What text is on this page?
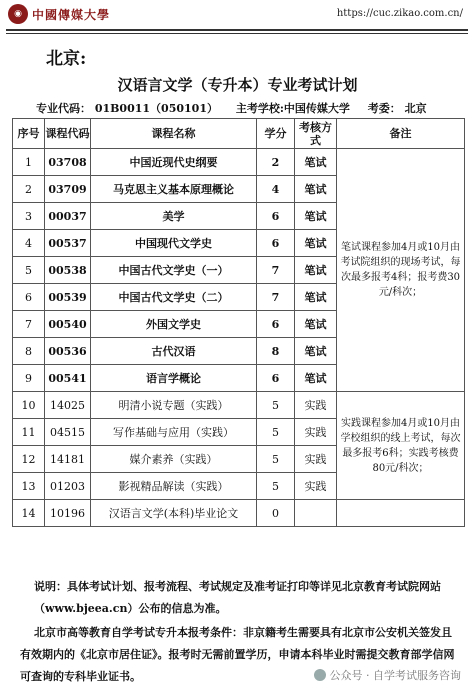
◉ 中國傳媒大學	https://cuc.zikao.com.cn/
北京:
汉语言文学（专升本）专业考试计划
专业代码： 01B0011（050101） 主考学校:中国传媒大学 考委： 北京
序号	课程代码	课程名称	学分	考核方式	备注
1	03708	中国近现代史纲要	2	笔试	笔试课程参加4月或10月由考试院组织的现场考试，每次最多报考4科；报考费30元/科次；
2	03709	马克思主义基本原理概论	4	笔试	
3	00037	美学	6	笔试	
4	00537	中国现代文学史	6	笔试	
5	00538	中国古代文学史（一）	7	笔试	
6	00539	中国古代文学史（二）	7	笔试	
7	00540	外国文学史	6	笔试	
8	00536	古代汉语	8	笔试	
9	00541	语言学概论	6	笔试	
10	14025	明清小说专题（实践）	5	实践	实践课程参加4月或10月由学校组织的线上考试，每次最多报考6科；实践考核费80元/科次；
11	04515	写作基础与应用（实践）	5	实践	
12	14181	媒介素养（实践）	5	实践	
13	01203	影视精品解读（实践）	5	实践	
14	10196	汉语言文学(本科)毕业论文	0		
说明：具体考试计划、报考流程、考试规定及准考证打印等详见北京教育考试院网站（www.bjeea.cn）公布的信息为准。
北京市高等教育自学考试专升本报考条件：非京籍考生需要具有北京市公安机关签发且有效期内的《北京市居住证》。报考时无需前置学历，申请本科毕业时需提交教育部学信网可查询的专科毕业证书。	公众号 · 自学考试服务咨询
